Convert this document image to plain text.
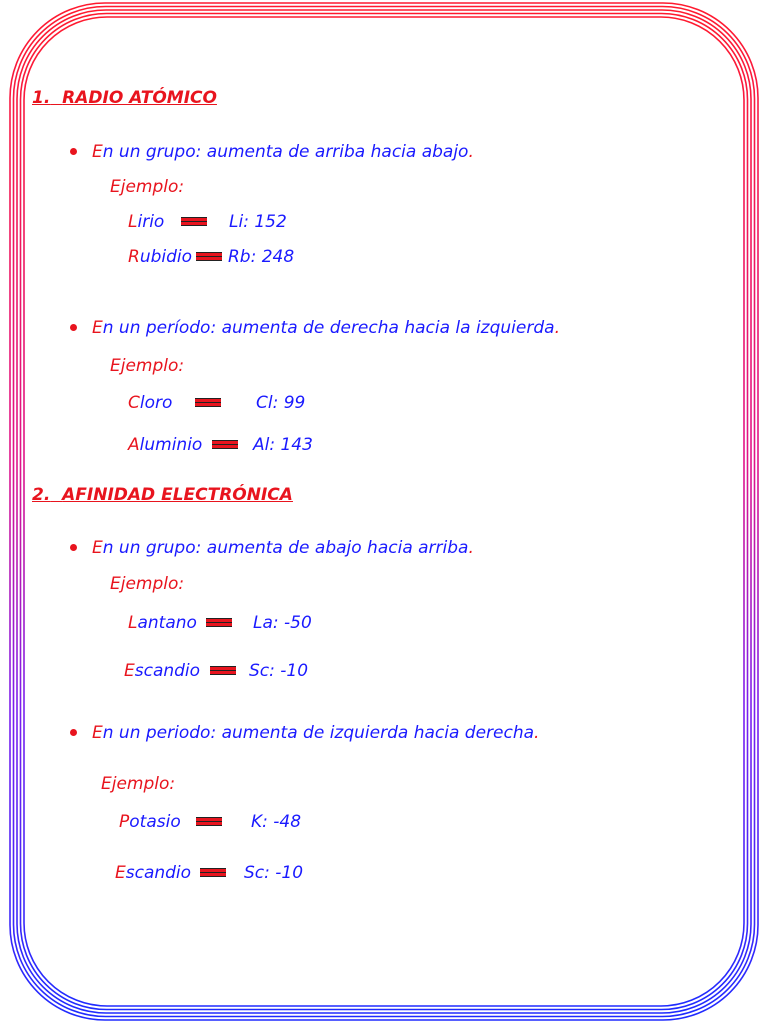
1. RADIO ATÓMICO
En un grupo: aumenta de arriba hacia abajo.
Ejemplo:
Lirio	Li: 152
Rubidio Rb: 248
En un período: aumenta de derecha hacia la izquierda.
Ejemplo:
Cloro	Cl: 99
Aluminio	Al: 143
2. AFINIDAD ELECTRÓNICA
En un grupo: aumenta de abajo hacia arriba.
Ejemplo:
Lantano	La: -50
Escandio	Sc: -10
En un periodo: aumenta de izquierda hacia derecha.
Ejemplo:
Potasio	K: -48
Escandio	Sc: -10
